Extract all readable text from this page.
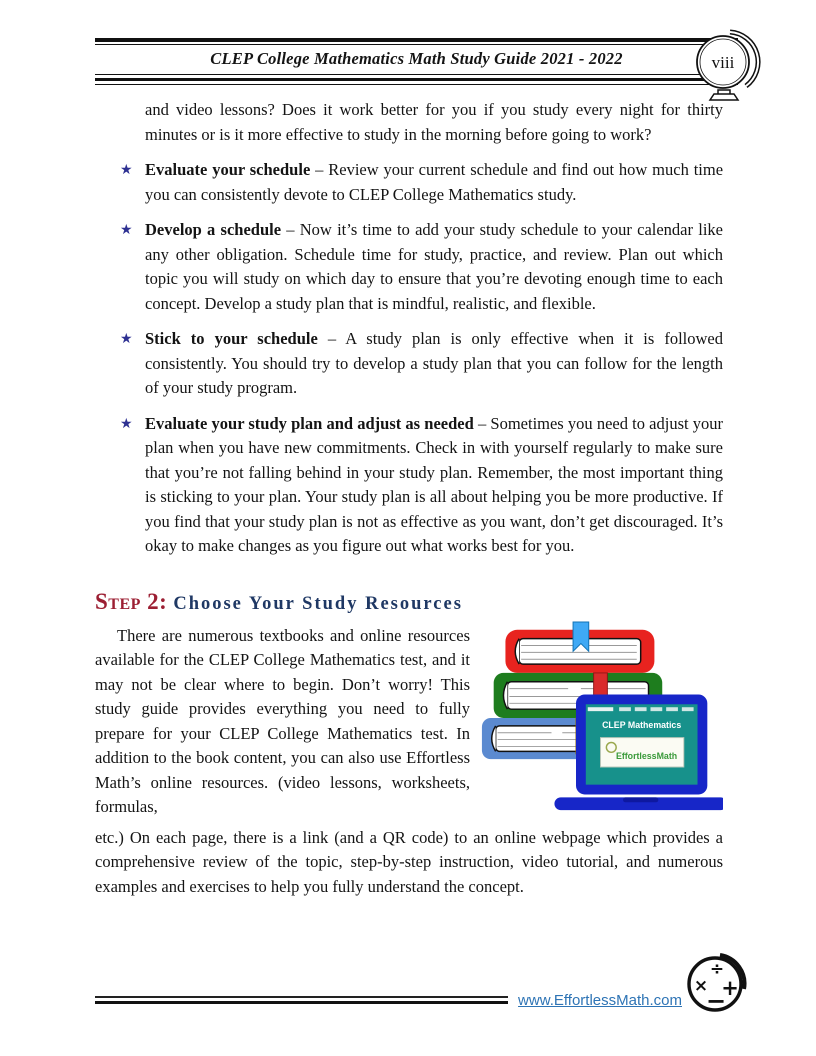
CLEP College Mathematics Math Study Guide 2021 - 2022	viii

and video lessons? Does it work better for you if you study every night for thirty minutes or is it more effective to study in the morning before going to work?

★ Evaluate your schedule – Review your current schedule and find out how much time you can consistently devote to CLEP College Mathematics study.

★ Develop a schedule – Now it’s time to add your study schedule to your calendar like any other obligation. Schedule time for study, practice, and review. Plan out which topic you will study on which day to ensure that you’re devoting enough time to each concept. Develop a study plan that is mindful, realistic, and flexible.

★ Stick to your schedule – A study plan is only effective when it is followed consistently. You should try to develop a study plan that you can follow for the length of your study program.

★ Evaluate your study plan and adjust as needed – Sometimes you need to adjust your plan when you have new commitments. Check in with yourself regularly to make sure that you’re not falling behind in your study plan. Remember, the most important thing is sticking to your plan. Your study plan is all about helping you be more productive. If you find that your study plan is not as effective as you want, don’t get discouraged. It’s okay to make changes as you figure out what works best for you.

Step 2: Choose Your Study Resources

There are numerous textbooks and online resources available for the CLEP College Mathematics test, and it may not be clear where to begin. Don’t worry! This study guide provides everything you need to fully prepare for your CLEP College Mathematics test. In addition to the book content, you can also use Effortless Math’s online resources. (video lessons, worksheets, formulas,

CLEP Mathematics
EffortlessMath

etc.) On each page, there is a link (and a QR code) to an online webpage which provides a comprehensive review of the topic, step-by-step instruction, video tutorial, and numerous examples and exercises to help you fully understand the concept.

www.EffortlessMath.com
÷
× +
−
